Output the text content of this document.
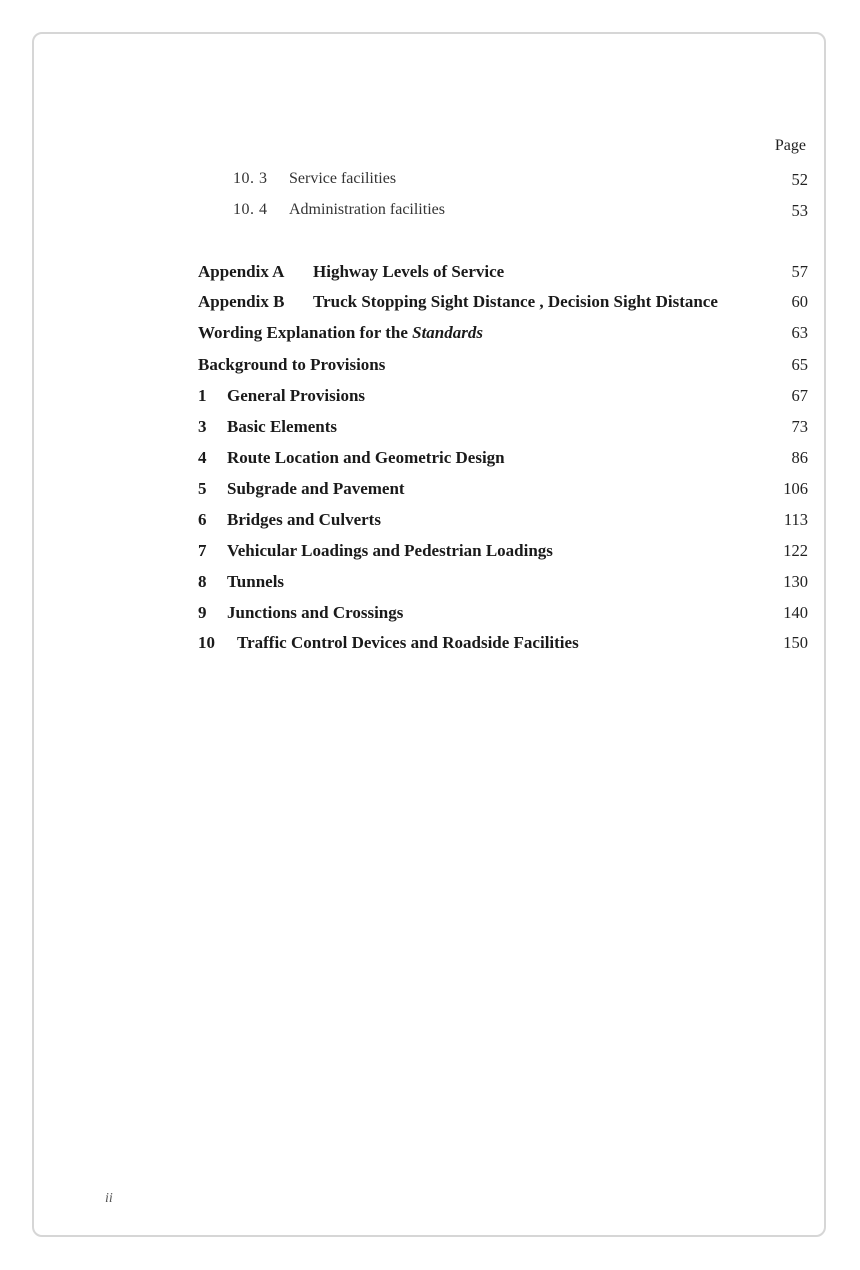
Page
10. 3 Service facilities	52
10. 4 Administration facilities	53
Appendix A Highway Levels of Service	57
Appendix B Truck Stopping Sight Distance , Decision Sight Distance	60
Wording Explanation for the Standards	63
Background to Provisions	65
1 General Provisions	67
3 Basic Elements	73
4 Route Location and Geometric Design	86
5 Subgrade and Pavement	106
6 Bridges and Culverts	113
7 Vehicular Loadings and Pedestrian Loadings	122
8 Tunnels	130
9 Junctions and Crossings	140
10 Traffic Control Devices and Roadside Facilities	150
ii
